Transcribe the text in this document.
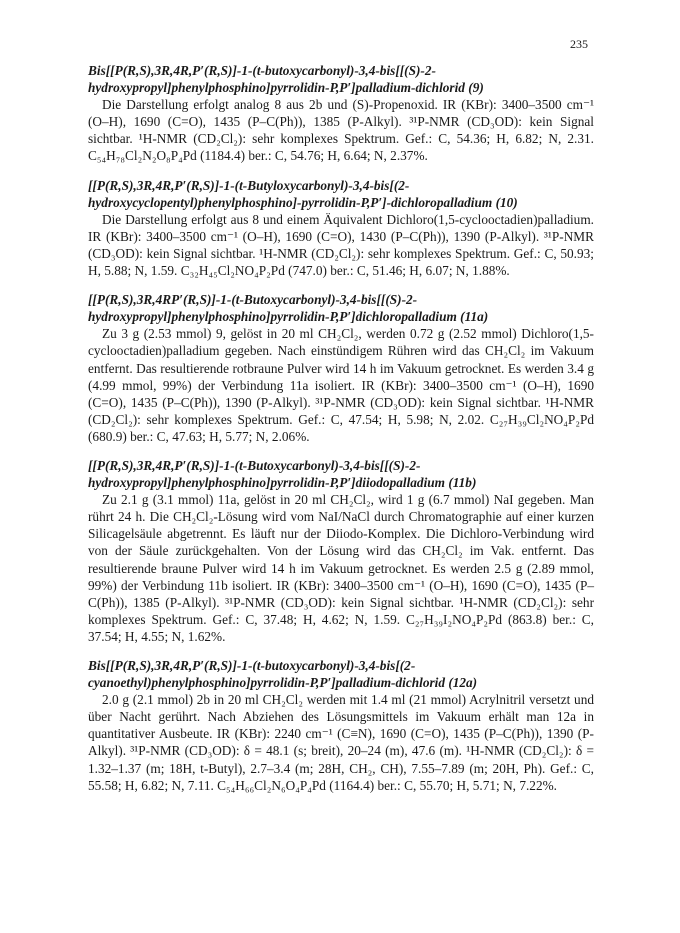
235

Bis[[P(R,S),3R,4R,P′(R,S)]-1-(t-butoxycarbonyl)-3,4-bis[[(S)-2-hydroxypropyl]phenylphosphino]pyrrolidin-P,P′]palladium-dichlorid (9)

Die Darstellung erfolgt analog 8 aus 2b und (S)-Propenoxid. IR (KBr): 3400–3500 cm⁻¹ (O–H), 1690 (C=O), 1435 (P–C(Ph)), 1385 (P-Alkyl). ³¹P-NMR (CD₃OD): kein Signal sichtbar. ¹H-NMR (CD₂Cl₂): sehr komplexes Spektrum. Gef.: C, 54.36; H, 6.82; N, 2.31. C₅₄H₇₈Cl₂N₂O₈P₄Pd (1184.4) ber.: C, 54.76; H, 6.64; N, 2.37%.

[[P(R,S),3R,4R,P′(R,S)]-1-(t-Butyloxycarbonyl)-3,4-bis[(2-hydroxycyclopentyl)phenylphosphino]-pyrrolidin-P,P′]-dichloropalladium (10)

Die Darstellung erfolgt aus 8 und einem Äquivalent Dichloro(1,5-cyclooctadien)palladium. IR (KBr): 3400–3500 cm⁻¹ (O–H), 1690 (C=O), 1430 (P–C(Ph)), 1390 (P-Alkyl). ³¹P-NMR (CD₃OD): kein Signal sichtbar. ¹H-NMR (CD₂Cl₂): sehr komplexes Spektrum. Gef.: C, 50.93; H, 5.88; N, 1.59. C₃₂H₄₅Cl₂NO₄P₂Pd (747.0) ber.: C, 51.46; H, 6.07; N, 1.88%.

[[P(R,S),3R,4RP′(R,S)]-1-(t-Butoxycarbonyl)-3,4-bis[[(S)-2-hydroxypropyl]phenylphosphino]pyrrolidin-P,P′]dichloropalladium (11a)

Zu 3 g (2.53 mmol) 9, gelöst in 20 ml CH₂Cl₂, werden 0.72 g (2.52 mmol) Dichloro(1,5-cyclooctadien)palladium gegeben. Nach einstündigem Rühren wird das CH₂Cl₂ im Vakuum entfernt. Das resultierende rotbraune Pulver wird 14 h im Vakuum getrocknet. Es werden 3.4 g (4.99 mmol, 99%) der Verbindung 11a isoliert. IR (KBr): 3400–3500 cm⁻¹ (O–H), 1690 (C=O), 1435 (P–C(Ph)), 1390 (P-Alkyl). ³¹P-NMR (CD₃OD): kein Signal sichtbar. ¹H-NMR (CD₂Cl₂): sehr komplexes Spektrum. Gef.: C, 47.54; H, 5.98; N, 2.02. C₂₇H₃₉Cl₂NO₄P₂Pd (680.9) ber.: C, 47.63; H, 5.77; N, 2.06%.

[[P(R,S),3R,4R,P′(R,S)]-1-(t-Butoxycarbonyl)-3,4-bis[[(S)-2-hydroxypropyl]phenylphosphino]pyrrolidin-P,P′]diiodopalladium (11b)

Zu 2.1 g (3.1 mmol) 11a, gelöst in 20 ml CH₂Cl₂, wird 1 g (6.7 mmol) NaI gegeben. Man rührt 24 h. Die CH₂Cl₂-Lösung wird vom NaI/NaCl durch Chromatographie auf einer kurzen Silicagelsäule abgetrennt. Es läuft nur der Diiodo-Komplex. Die Dichloro-Verbindung wird von der Säule zurückgehalten. Von der Lösung wird das CH₂Cl₂ im Vak. entfernt. Das resultierende braune Pulver wird 14 h im Vakuum getrocknet. Es werden 2.5 g (2.89 mmol, 99%) der Verbindung 11b isoliert. IR (KBr): 3400–3500 cm⁻¹ (O–H), 1690 (C=O), 1435 (P–C(Ph)), 1385 (P-Alkyl). ³¹P-NMR (CD₃OD): kein Signal sichtbar. ¹H-NMR (CD₂Cl₂): sehr komplexes Spektrum. Gef.: C, 37.48; H, 4.62; N, 1.59. C₂₇H₃₉I₂NO₄P₂Pd (863.8) ber.: C, 37.54; H, 4.55; N, 1.62%.

Bis[[P(R,S),3R,4R,P′(R,S)]-1-(t-butoxycarbonyl)-3,4-bis[(2-cyanoethyl)phenylphosphino]pyrrolidin-P,P′]palladium-dichlorid (12a)

2.0 g (2.1 mmol) 2b in 20 ml CH₂Cl₂ werden mit 1.4 ml (21 mmol) Acrylnitril versetzt und über Nacht gerührt. Nach Abziehen des Lösungsmittels im Vakuum erhält man 12a in quantitativer Ausbeute. IR (KBr): 2240 cm⁻¹ (C≡N), 1690 (C=O), 1435 (P–C(Ph)), 1390 (P-Alkyl). ³¹P-NMR (CD₃OD): δ = 48.1 (s; breit), 20–24 (m), 47.6 (m). ¹H-NMR (CD₂Cl₂): δ = 1.32–1.37 (m; 18H, t-Butyl), 2.7–3.4 (m; 28H, CH₂, CH), 7.55–7.89 (m; 20H, Ph). Gef.: C, 55.58; H, 6.82; N, 7.11. C₅₄H₆₆Cl₂N₆O₄P₄Pd (1164.4) ber.: C, 55.70; H, 5.71; N, 7.22%.
